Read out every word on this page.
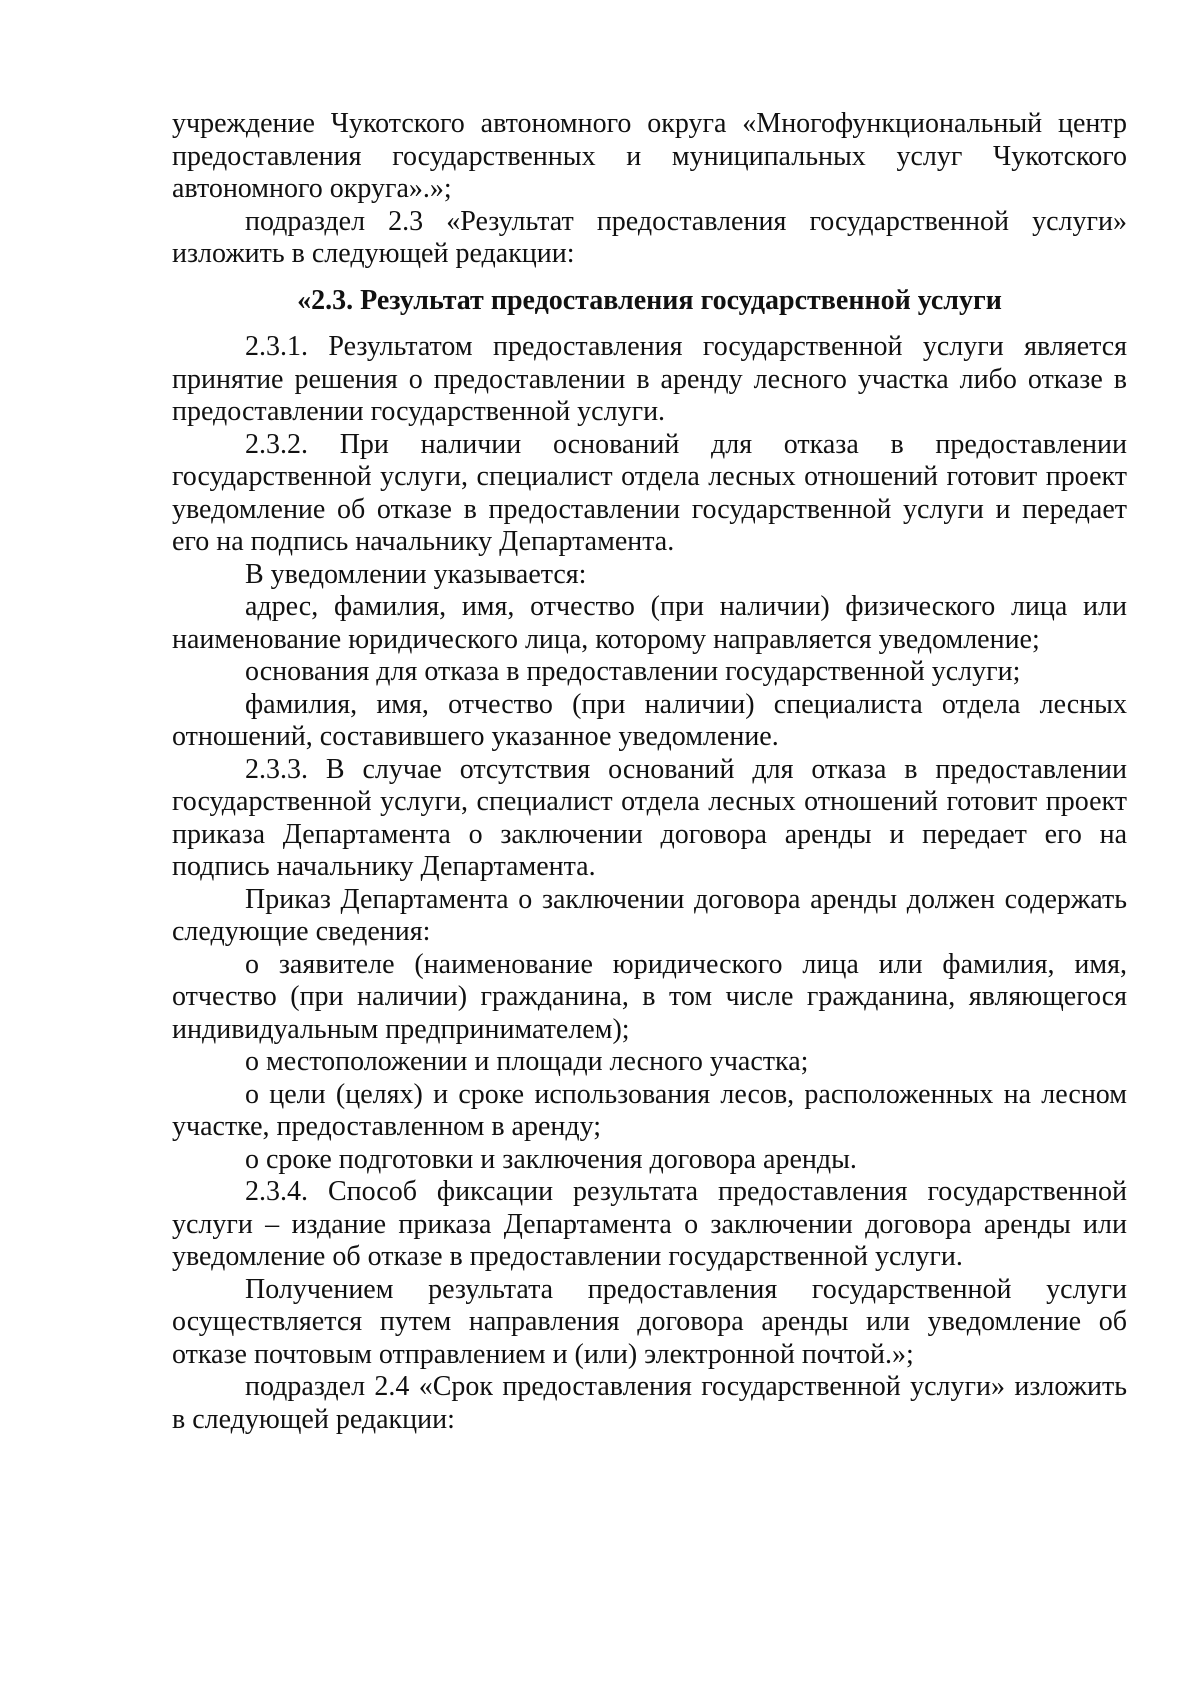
учреждение Чукотского автономного округа «Многофункциональный центр предоставления государственных и муниципальных услуг Чукотского автономного округа».»;

подраздел 2.3 «Результат предоставления государственной услуги» изложить в следующей редакции:

«2.3. Результат предоставления государственной услуги

2.3.1. Результатом предоставления государственной услуги является принятие решения о предоставлении в аренду лесного участка либо отказе в предоставлении государственной услуги.

2.3.2. При наличии оснований для отказа в предоставлении государственной услуги, специалист отдела лесных отношений готовит проект уведомление об отказе в предоставлении государственной услуги и передает его на подпись начальнику Департамента.

В уведомлении указывается:

адрес, фамилия, имя, отчество (при наличии) физического лица или наименование юридического лица, которому направляется уведомление;

основания для отказа в предоставлении государственной услуги;

фамилия, имя, отчество (при наличии) специалиста отдела лесных отношений, составившего указанное уведомление.

2.3.3. В случае отсутствия оснований для отказа в предоставлении государственной услуги, специалист отдела лесных отношений готовит проект приказа Департамента о заключении договора аренды и передает его на подпись начальнику Департамента.

Приказ Департамента о заключении договора аренды должен содержать следующие сведения:

о заявителе (наименование юридического лица или фамилия, имя, отчество (при наличии) гражданина, в том числе гражданина, являющегося индивидуальным предпринимателем);

о местоположении и площади лесного участка;

о цели (целях) и сроке использования лесов, расположенных на лесном участке, предоставленном в аренду;

о сроке подготовки и заключения договора аренды.

2.3.4. Способ фиксации результата предоставления государственной услуги – издание приказа Департамента о заключении договора аренды или уведомление об отказе в предоставлении государственной услуги.

Получением результата предоставления государственной услуги осуществляется путем направления договора аренды или уведомление об отказе почтовым отправлением и (или) электронной почтой.»;

подраздел 2.4 «Срок предоставления государственной услуги» изложить в следующей редакции:
